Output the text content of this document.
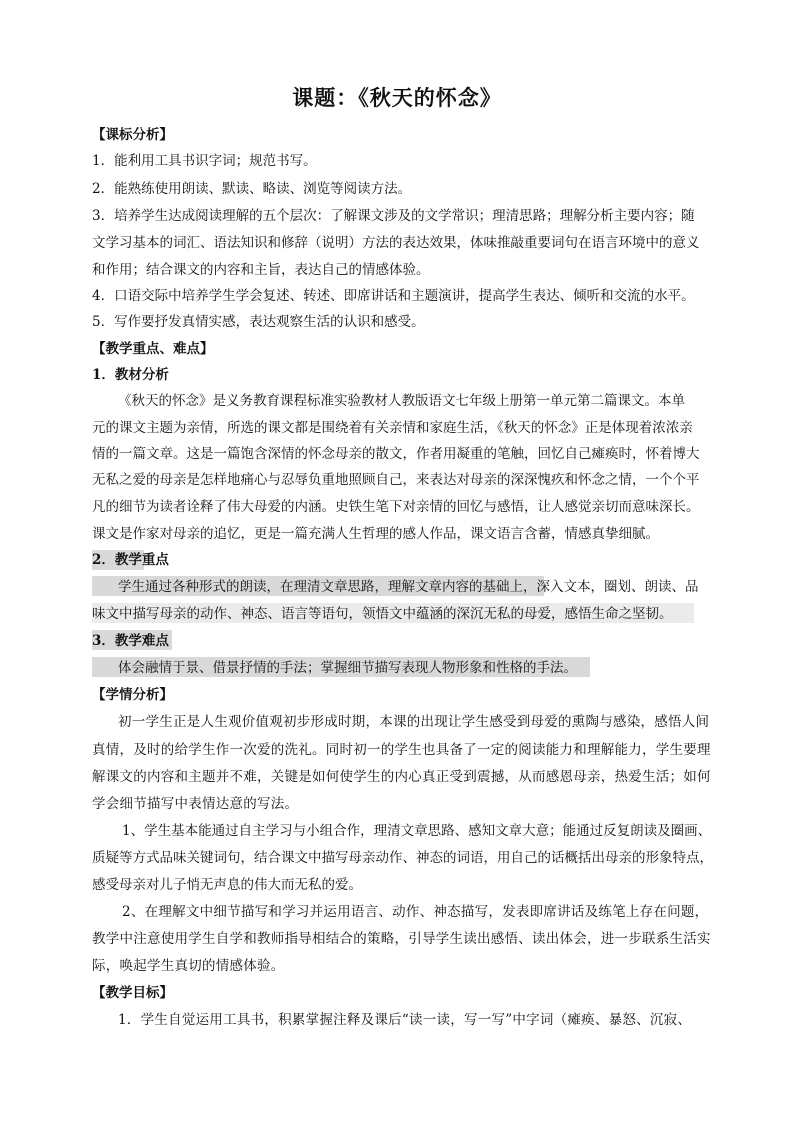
课题：《秋天的怀念》
【课标分析】
1．能利用工具书识字词；规范书写。
2．能熟练使用朗读、默读、略读、浏览等阅读方法。
3．培养学生达成阅读理解的五个层次：了解课文涉及的文学常识；理清思路；理解分析主要内容；随
文学习基本的词汇、语法知识和修辞（说明）方法的表达效果，体味推敲重要词句在语言环境中的意义
和作用；结合课文的内容和主旨，表达自己的情感体验。
4．口语交际中培养学生学会复述、转述、即席讲话和主题演讲，提高学生表达、倾听和交流的水平。
5．写作要抒发真情实感，表达观察生活的认识和感受。
【教学重点、难点】
1．教材分析
《秋天的怀念》是义务教育课程标准实验教材人教版语文七年级上册第一单元第二篇课文。本单
元的课文主题为亲情，所选的课文都是围绕着有关亲情和家庭生活，《秋天的怀念》正是体现着浓浓亲
情的一篇文章。这是一篇饱含深情的怀念母亲的散文，作者用凝重的笔触，回忆自己瘫痪时，怀着博大
无私之爱的母亲是怎样地痛心与忍辱负重地照顾自己，来表达对母亲的深深愧疚和怀念之情，一个个平
凡的细节为读者诠释了伟大母爱的内涵。史铁生笔下对亲情的回忆与感悟，让人感觉亲切而意味深长。
课文是作家对母亲的追忆，更是一篇充满人生哲理的感人作品，课文语言含蓄，情感真挚细腻。
2．教学重点
学生通过各种形式的朗读，在理清文章思路，理解文章内容的基础上，深入文本，圈划、朗读、品
味文中描写母亲的动作、神态、语言等语句，领悟文中蕴涵的深沉无私的母爱，感悟生命之坚韧。
3．教学难点
体会融情于景、借景抒情的手法；掌握细节描写表现人物形象和性格的手法。
【学情分析】
初一学生正是人生观价值观初步形成时期，本课的出现让学生感受到母爱的熏陶与感染，感悟人间
真情，及时的给学生作一次爱的洗礼。同时初一的学生也具备了一定的阅读能力和理解能力，学生要理
解课文的内容和主题并不难，关键是如何使学生的内心真正受到震撼，从而感恩母亲，热爱生活；如何
学会细节描写中表情达意的写法。
1、学生基本能通过自主学习与小组合作，理清文章思路、感知文章大意；能通过反复朗读及圈画、
质疑等方式品味关键词句，结合课文中描写母亲动作、神态的词语，用自己的话概括出母亲的形象特点，
感受母亲对儿子悄无声息的伟大而无私的爱。
2、在理解文中细节描写和学习并运用语言、动作、神态描写，发表即席讲话及练笔上存在问题，
教学中注意使用学生自学和教师指导相结合的策略，引导学生读出感悟、读出体会，进一步联系生活实
际，唤起学生真切的情感体验。
【教学目标】
1．学生自觉运用工具书，积累掌握注释及课后“读一读，写一写”中字词（瘫痪、暴怒、沉寂、
